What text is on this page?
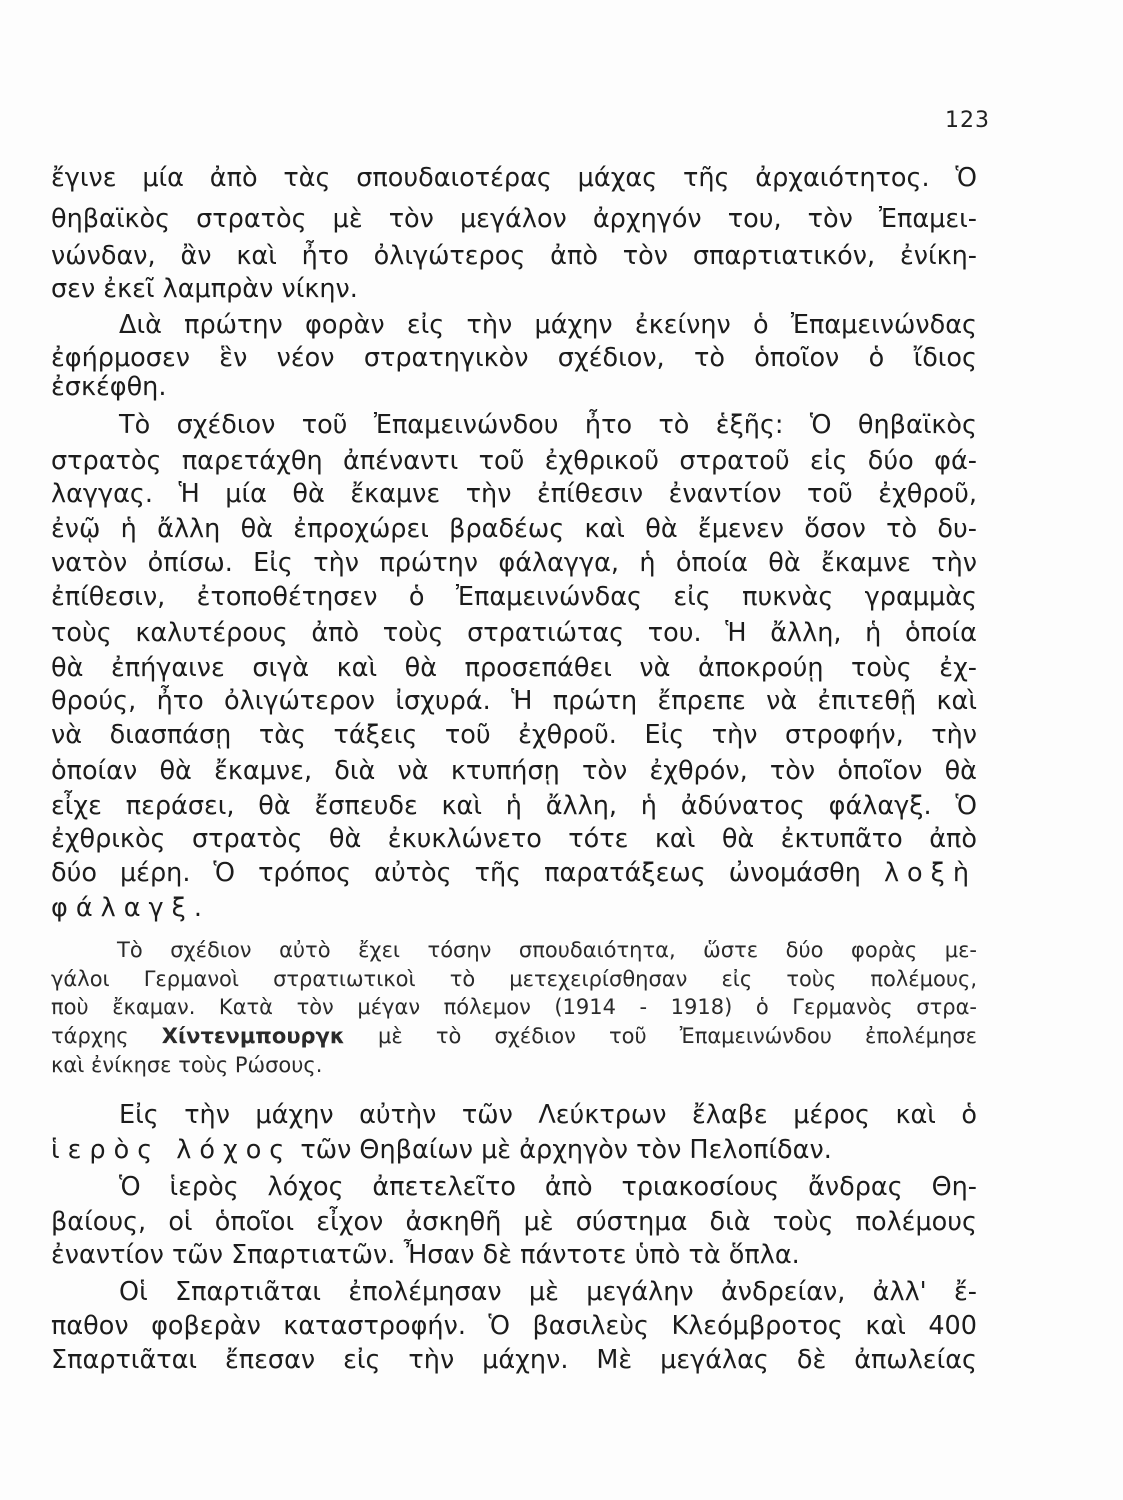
123
ἔγινε μία ἀπὸ τὰς σπουδαιοτέρας μάχας τῆς ἀρχαιότητος. Ὁ
θηβαϊκὸς στρατὸς μὲ τὸν μεγάλον ἀρχηγόν του, τὸν Ἐπαμει-
νώνδαν, ἂν καὶ ἦτο ὀλιγώτερος ἀπὸ τὸν σπαρτιατικόν, ἐνίκη-
σεν ἐκεῖ λαμπρὰν νίκην.
Διὰ πρώτην φορὰν εἰς τὴν μάχην ἐκείνην ὁ Ἐπαμεινώνδας
ἐφήρμοσεν ἓν νέον στρατηγικὸν σχέδιον, τὸ ὁποῖον ὁ ἴδιος
ἐσκέφθη.
Τὸ σχέδιον τοῦ Ἐπαμεινώνδου ἦτο τὸ ἑξῆς: Ὁ θηβαϊκὸς
στρατὸς παρετάχθη ἀπέναντι τοῦ ἐχθρικοῦ στρατοῦ εἰς δύο φά-
λαγγας. Ἡ μία θὰ ἔκαμνε τὴν ἐπίθεσιν ἐναντίον τοῦ ἐχθροῦ,
ἐνῷ ἡ ἄλλη θὰ ἐπροχώρει βραδέως καὶ θὰ ἔμενεν ὅσον τὸ δυ-
νατὸν ὀπίσω. Εἰς τὴν πρώτην φάλαγγα, ἡ ὁποία θὰ ἔκαμνε τὴν
ἐπίθεσιν, ἐτοποθέτησεν ὁ Ἐπαμεινώνδας εἰς πυκνὰς γραμμὰς
τοὺς καλυτέρους ἀπὸ τοὺς στρατιώτας του. Ἡ ἄλλη, ἡ ὁποία
θὰ ἐπήγαινε σιγὰ καὶ θὰ προσεπάθει νὰ ἀποκρούῃ τοὺς ἐχ-
θρούς, ἦτο ὀλιγώτερον ἰσχυρά. Ἡ πρώτη ἔπρεπε νὰ ἐπιτεθῇ καὶ
νὰ διασπάσῃ τὰς τάξεις τοῦ ἐχθροῦ. Εἰς τὴν στροφήν, τὴν
ὁποίαν θὰ ἔκαμνε, διὰ νὰ κτυπήσῃ τὸν ἐχθρόν, τὸν ὁποῖον θὰ
εἶχε περάσει, θὰ ἔσπευδε καὶ ἡ ἄλλη, ἡ ἀδύνατος φάλαγξ. Ὁ
ἐχθρικὸς στρατὸς θὰ ἐκυκλώνετο τότε καὶ θὰ ἐκτυπᾶτο ἀπὸ
δύο μέρη. Ὁ τρόπος αὐτὸς τῆς παρατάξεως ὠνομάσθη λοξὴ
φάλαγξ.
Τὸ σχέδιον αὐτὸ ἔχει τόσην σπουδαιότητα, ὥστε δύο φορὰς με-
γάλοι Γερμανοὶ στρατιωτικοὶ τὸ μετεχειρίσθησαν εἰς τοὺς πολέμους,
ποὺ ἔκαμαν. Κατὰ τὸν μέγαν πόλεμον (1914 - 1918) ὁ Γερμανὸς στρα-
τάρχης Χίντενμπουργκ μὲ τὸ σχέδιον τοῦ Ἐπαμεινώνδου ἐπολέμησε
καὶ ἐνίκησε τοὺς Ρώσους.
Εἰς τὴν μάχην αὐτὴν τῶν Λεύκτρων ἔλαβε μέρος καὶ ὁ
ἱερὸς λόχος τῶν Θηβαίων μὲ ἀρχηγὸν τὸν Πελοπίδαν.
Ὁ ἱερὸς λόχος ἀπετελεῖτο ἀπὸ τριακοσίους ἄνδρας Θη-
βαίους, οἱ ὁποῖοι εἶχον ἀσκηθῆ μὲ σύστημα διὰ τοὺς πολέμους
ἐναντίον τῶν Σπαρτιατῶν. Ἦσαν δὲ πάντοτε ὑπὸ τὰ ὅπλα.
Οἱ Σπαρτιᾶται ἐπολέμησαν μὲ μεγάλην ἀνδρείαν, ἀλλ' ἔ-
παθον φοβερὰν καταστροφήν. Ὁ βασιλεὺς Κλεόμβροτος καὶ 400
Σπαρτιᾶται ἔπεσαν εἰς τὴν μάχην. Μὲ μεγάλας δὲ ἀπωλείας
